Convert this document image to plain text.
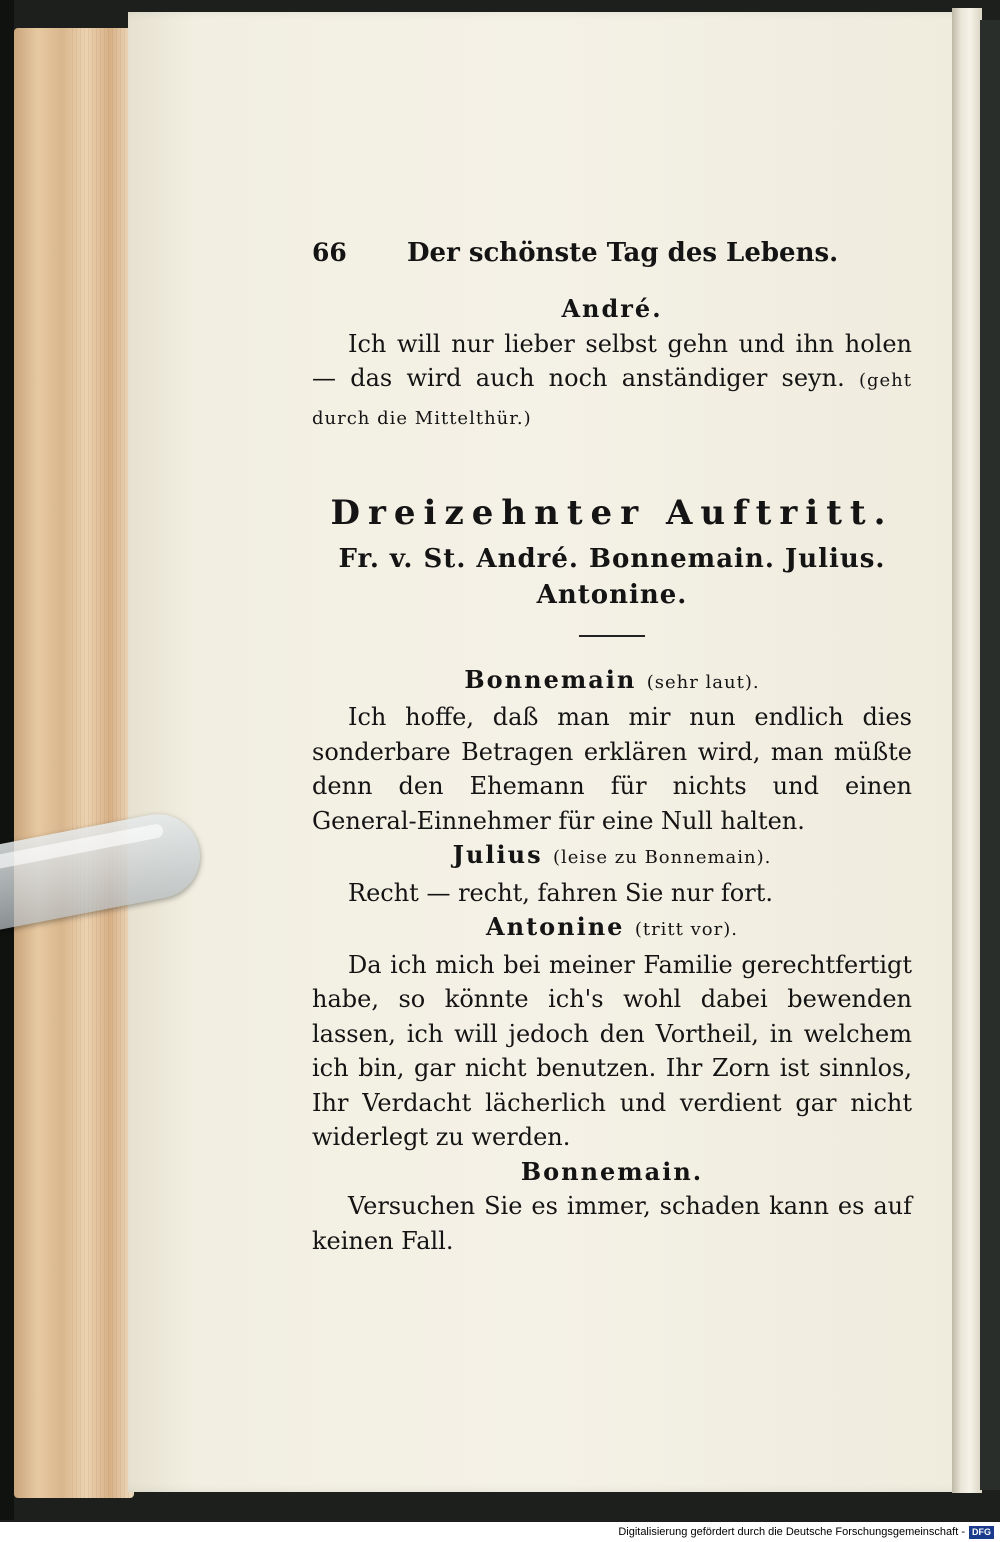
66	Der schönste Tag des Lebens.
André.
Ich will nur lieber selbst gehn und ihn holen — das wird auch noch anständiger seyn. (geht durch die Mittelthür.)
Dreizehnter Auftritt.
Fr. v. St. André. Bonnemain. Julius.
Antonine.
Bonnemain (sehr laut).
Ich hoffe, daß man mir nun endlich dies sonderbare Betragen erklären wird, man müßte denn den Ehemann für nichts und einen General-Einnehmer für eine Null halten.
Julius (leise zu Bonnemain).
Recht — recht, fahren Sie nur fort.
Antonine (tritt vor).
Da ich mich bei meiner Familie gerechtfertigt habe, so könnte ich's wohl dabei bewenden lassen, ich will jedoch den Vortheil, in welchem ich bin, gar nicht benutzen. Ihr Zorn ist sinnlos, Ihr Verdacht lächerlich und verdient gar nicht widerlegt zu werden.
Bonnemain.
Versuchen Sie es immer, schaden kann es auf keinen Fall.
Digitalisierung gefördert durch die Deutsche Forschungsgemeinschaft - DFG
